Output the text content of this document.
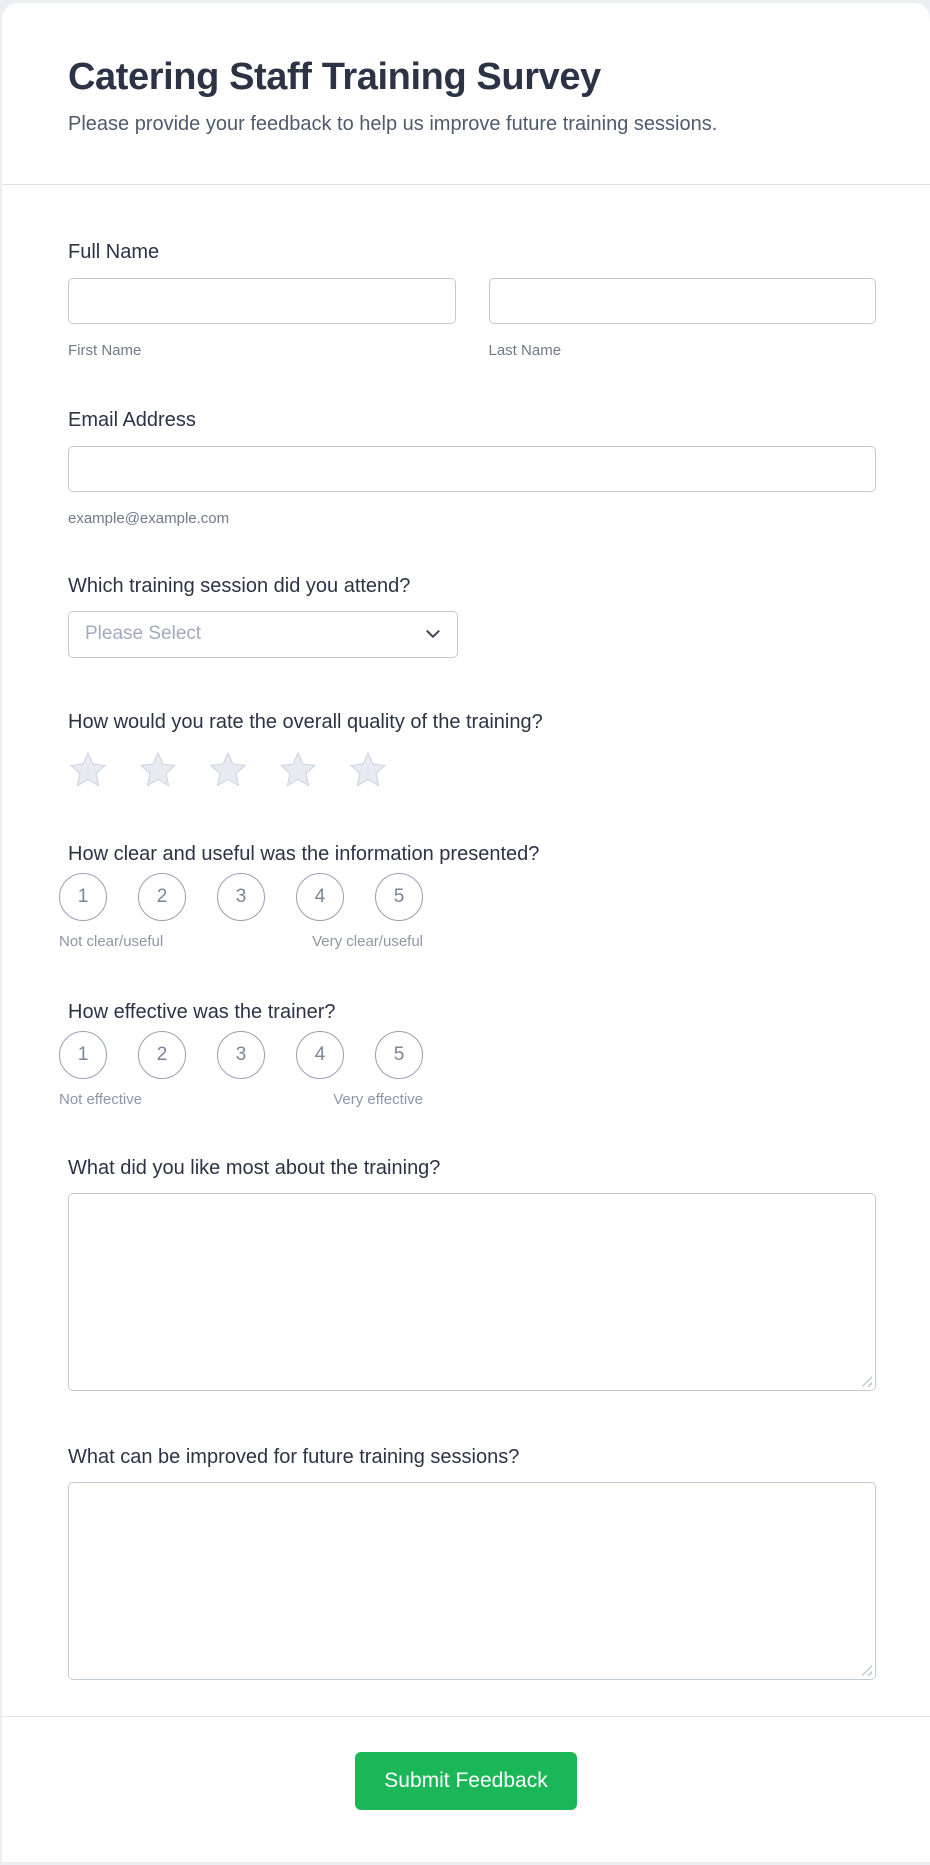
Catering Staff Training Survey
Please provide your feedback to help us improve future training sessions.
Full Name
First Name	Last Name
Email Address
example@example.com
Which training session did you attend?
Please Select
How would you rate the overall quality of the training?
How clear and useful was the information presented?
1	2	3	4	5
Not clear/useful	Very clear/useful
How effective was the trainer?
1	2	3	4	5
Not effective	Very effective
What did you like most about the training?
What can be improved for future training sessions?
Submit Feedback
